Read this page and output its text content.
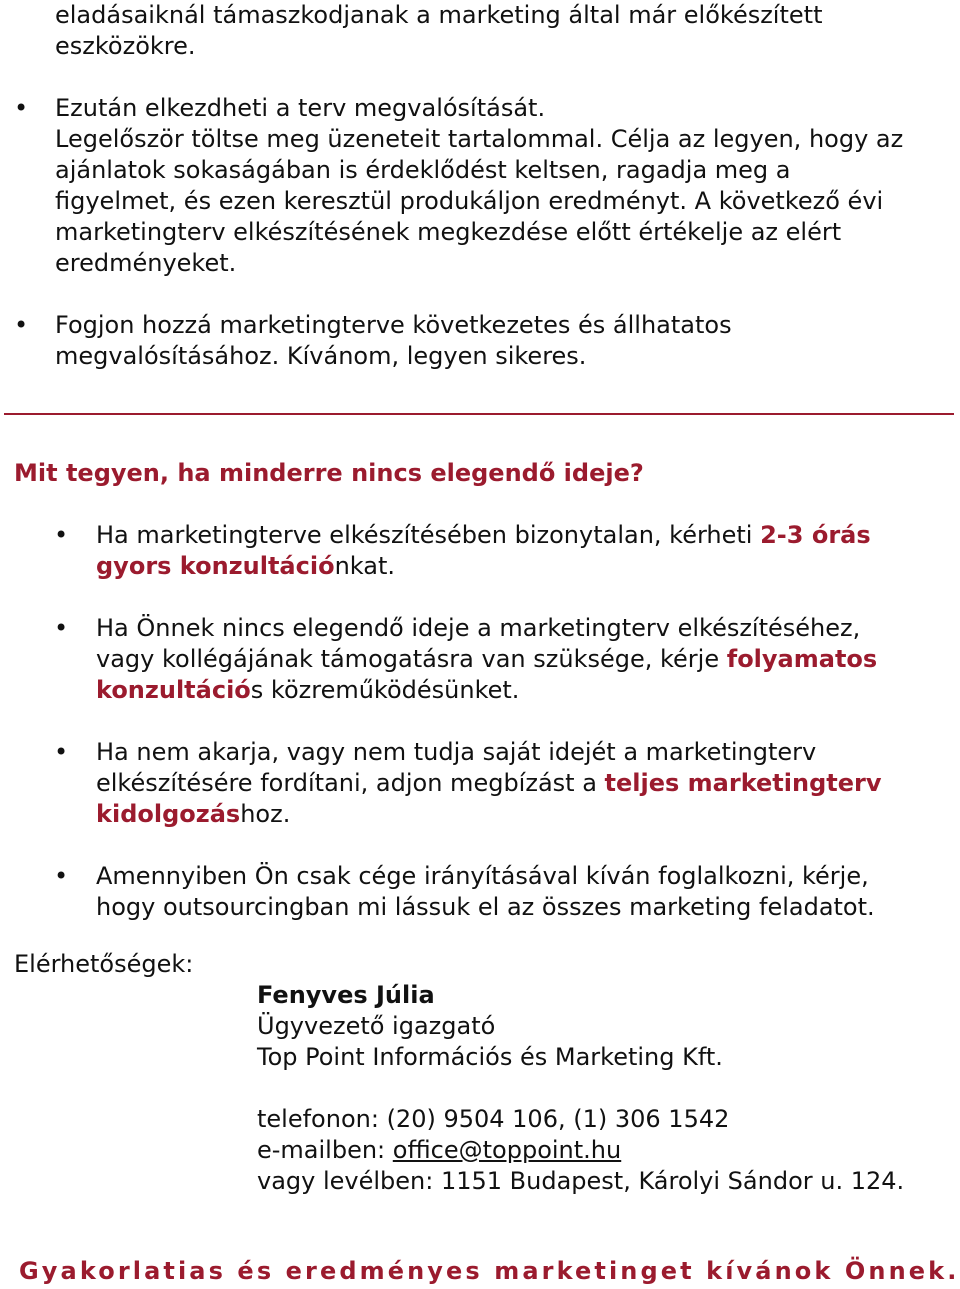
eladásaiknál támaszkodjanak a marketing által már előkészített
eszközökre.
•	Ezután elkezdheti a terv megvalósítását.
Legelőször töltse meg üzeneteit tartalommal. Célja az legyen, hogy az
ajánlatok sokaságában is érdeklődést keltsen, ragadja meg a
figyelmet, és ezen keresztül produkáljon eredményt. A következő évi
marketingterv elkészítésének megkezdése előtt értékelje az elért
eredményeket.
•	Fogjon hozzá marketingterve következetes és állhatatos
megvalósításához. Kívánom, legyen sikeres.
Mit tegyen, ha minderre nincs elegendő ideje?
•	Ha marketingterve elkészítésében bizonytalan, kérheti 2-3 órás
gyors konzultációnkat.
•	Ha Önnek nincs elegendő ideje a marketingterv elkészítéséhez,
vagy kollégájának támogatásra van szüksége, kérje folyamatos
konzultációs közreműködésünket.
•	Ha nem akarja, vagy nem tudja saját idejét a marketingterv
elkészítésére fordítani, adjon megbízást a teljes marketingterv
kidolgozáshoz.
•	Amennyiben Ön csak cége irányításával kíván foglalkozni, kérje,
hogy outsourcingban mi lássuk el az összes marketing feladatot.

Elérhetőségek:

Fenyves Júlia
Ügyvezető igazgató
Top Point Információs és Marketing Kft.
telefonon: (20) 9504 106, (1) 306 1542
e-mailben: office@toppoint.hu
vagy levélben: 1151 Budapest, Károlyi Sándor u. 124.

Gyakorlatias és eredményes marketinget kívánok Önnek.
